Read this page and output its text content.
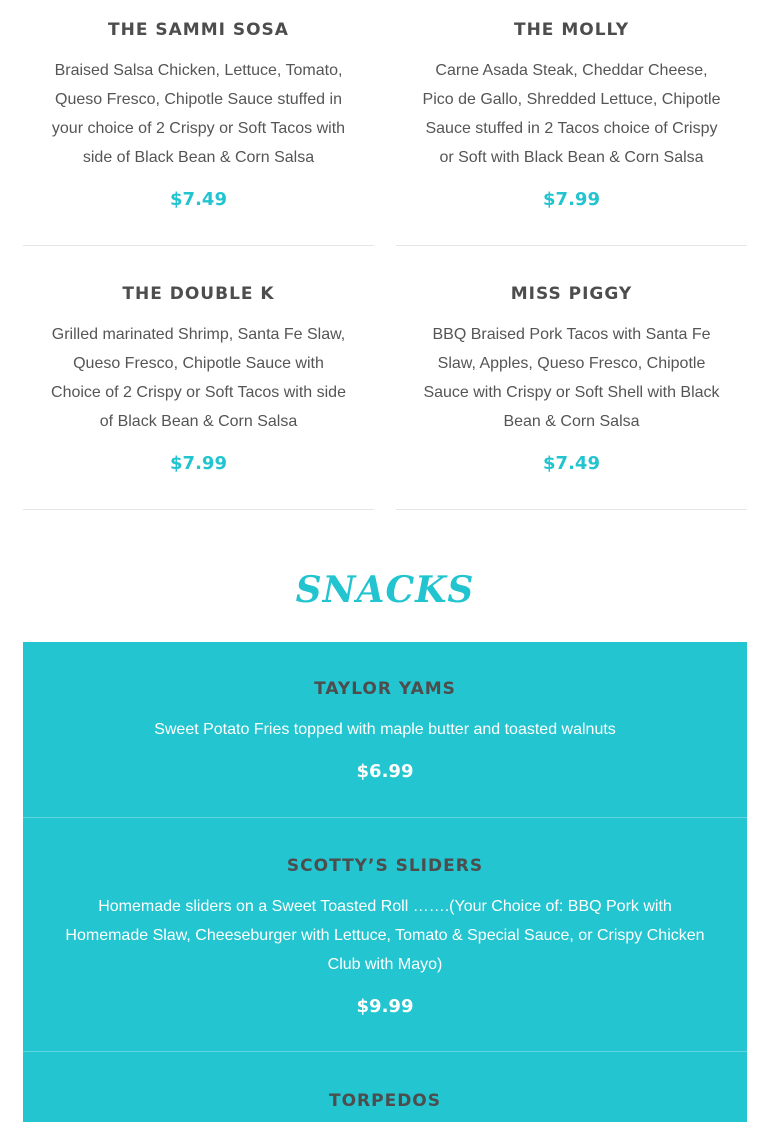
THE SAMMI SOSA
Braised Salsa Chicken, Lettuce, Tomato, Queso Fresco, Chipotle Sauce stuffed in your choice of 2 Crispy or Soft Tacos with side of Black Bean & Corn Salsa
$7.49
THE MOLLY
Carne Asada Steak, Cheddar Cheese, Pico de Gallo, Shredded Lettuce, Chipotle Sauce stuffed in 2 Tacos choice of Crispy or Soft with Black Bean & Corn Salsa
$7.99
THE DOUBLE K
Grilled marinated Shrimp, Santa Fe Slaw, Queso Fresco, Chipotle Sauce with Choice of 2 Crispy or Soft Tacos with side of Black Bean & Corn Salsa
$7.99
MISS PIGGY
BBQ Braised Pork Tacos with Santa Fe Slaw, Apples, Queso Fresco, Chipotle Sauce with Crispy or Soft Shell with Black Bean & Corn Salsa
$7.49
SNACKS
TAYLOR YAMS
Sweet Potato Fries topped with maple butter and toasted walnuts
$6.99
SCOTTY’S SLIDERS
Homemade sliders on a Sweet Toasted Roll …….(Your Choice of: BBQ Pork with Homemade Slaw, Cheeseburger with Lettuce, Tomato & Special Sauce, or Crispy Chicken Club with Mayo)
$9.99
TORPEDOS
